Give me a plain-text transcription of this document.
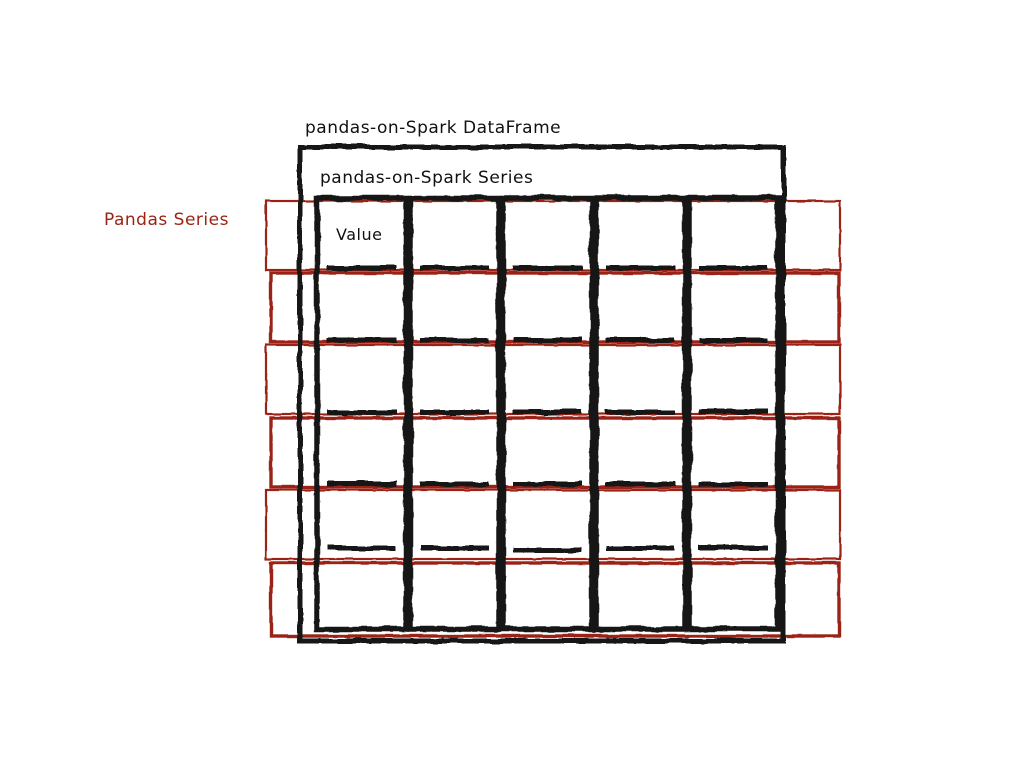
pandas-on-Spark DataFrame
pandas-on-Spark Series
Pandas Series
Value
